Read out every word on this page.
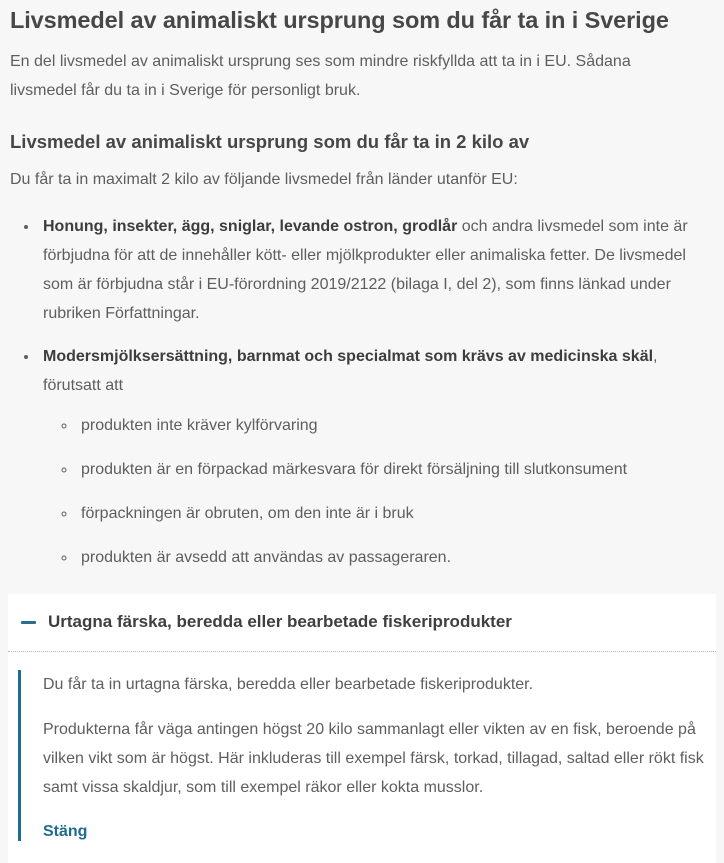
Livsmedel av animaliskt ursprung som du får ta in i Sverige

En del livsmedel av animaliskt ursprung ses som mindre riskfyllda att ta in i EU. Sådana livsmedel får du ta in i Sverige för personligt bruk.

Livsmedel av animaliskt ursprung som du får ta in 2 kilo av

Du får ta in maximalt 2 kilo av följande livsmedel från länder utanför EU:

• Honung, insekter, ägg, sniglar, levande ostron, grodlår och andra livsmedel som inte är förbjudna för att de innehåller kött- eller mjölkprodukter eller animaliska fetter. De livsmedel som är förbjudna står i EU-förordning 2019/2122 (bilaga I, del 2), som finns länkad under rubriken Författningar.
• Modersmjölksersättning, barnmat och specialmat som krävs av medicinska skäl, förutsatt att
◦ produkten inte kräver kylförvaring
◦ produkten är en förpackad märkesvara för direkt försäljning till slutkonsument
◦ förpackningen är obruten, om den inte är i bruk
◦ produkten är avsedd att användas av passageraren.
Urtagna färska, beredda eller bearbetade fiskeriprodukter

Du får ta in urtagna färska, beredda eller bearbetade fiskeriprodukter.

Produkterna får väga antingen högst 20 kilo sammanlagt eller vikten av en fisk, beroende på vilken vikt som är högst. Här inkluderas till exempel färsk, torkad, tillagad, saltad eller rökt fisk samt vissa skaldjur, som till exempel räkor eller kokta musslor.

Stäng
